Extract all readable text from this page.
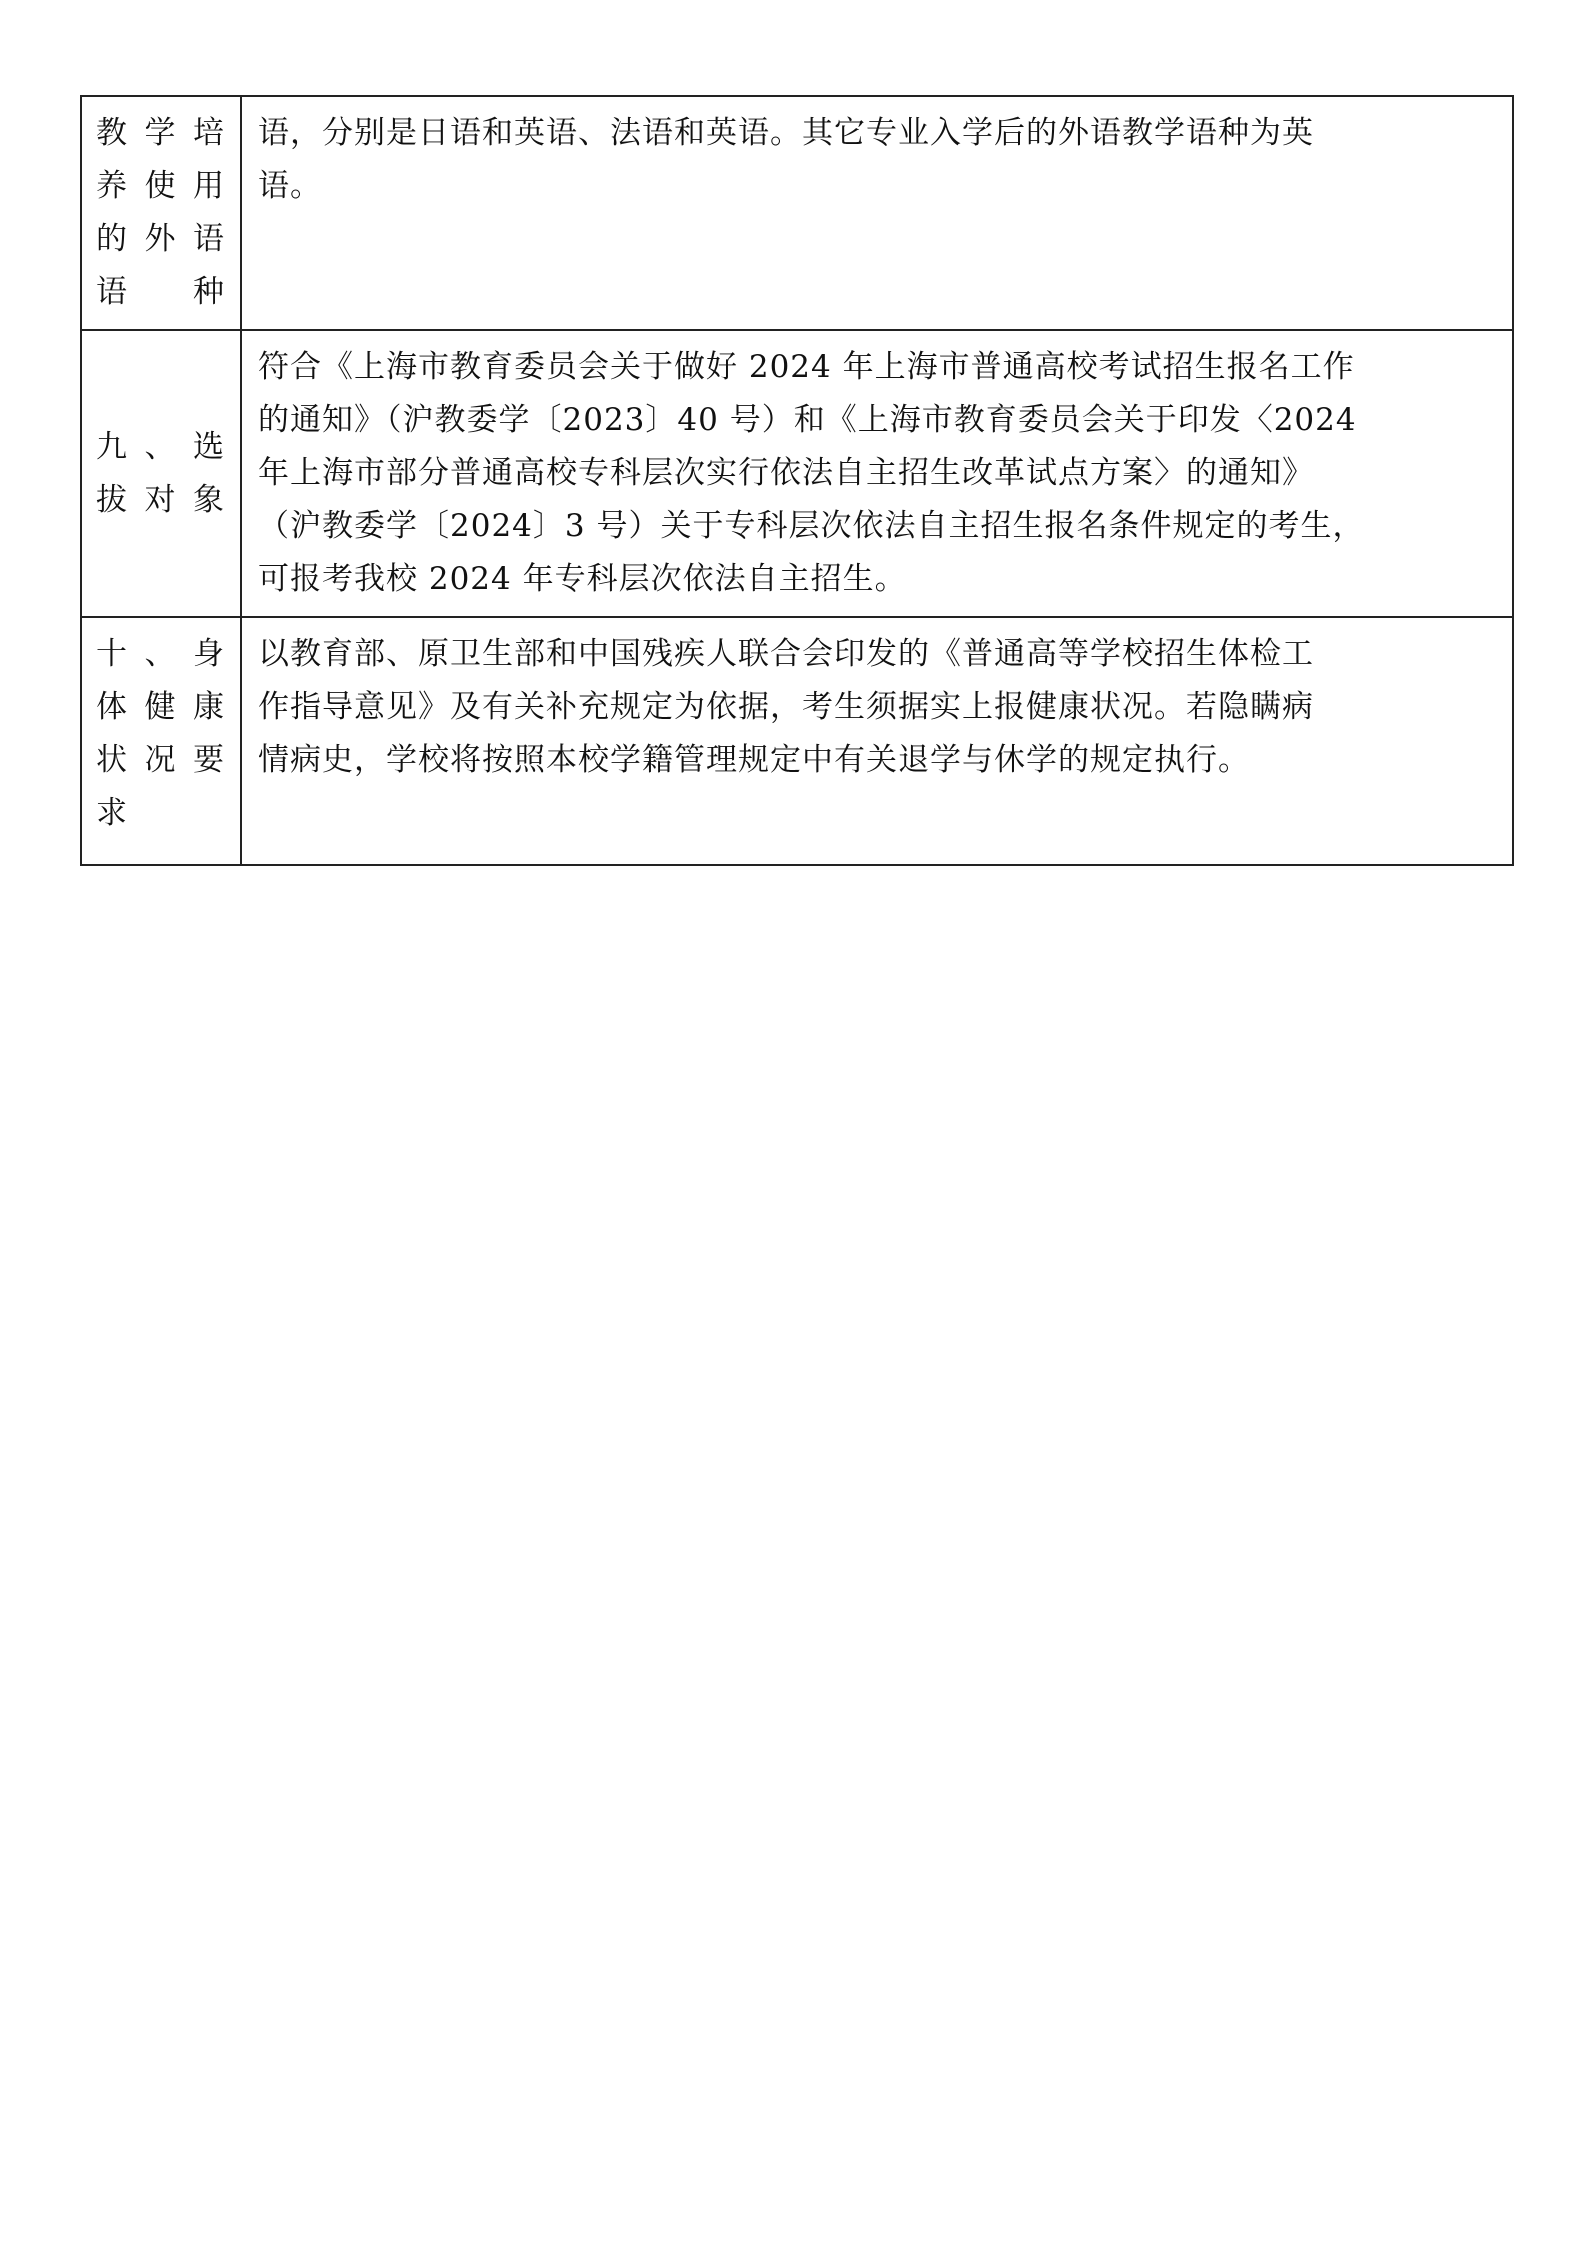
教学培养使用的外语语种	语，分别是日语和英语、法语和英语。其它专业入学后的外语教学语种为英
语。

九、选拔对象	符合《上海市教育委员会关于做好 2024 年上海市普通高校考试招生报名工作
的通知》（沪教委学〔2023〕40 号）和《上海市教育委员会关于印发〈2024
年上海市部分普通高校专科层次实行依法自主招生改革试点方案〉的通知》
（沪教委学〔2024〕3 号）关于专科层次依法自主招生报名条件规定的考生，
可报考我校 2024 年专科层次依法自主招生。

十、身体健康状况要求	以教育部、原卫生部和中国残疾人联合会印发的《普通高等学校招生体检工
作指导意见》及有关补充规定为依据，考生须据实上报健康状况。若隐瞒病
情病史，学校将按照本校学籍管理规定中有关退学与休学的规定执行。
